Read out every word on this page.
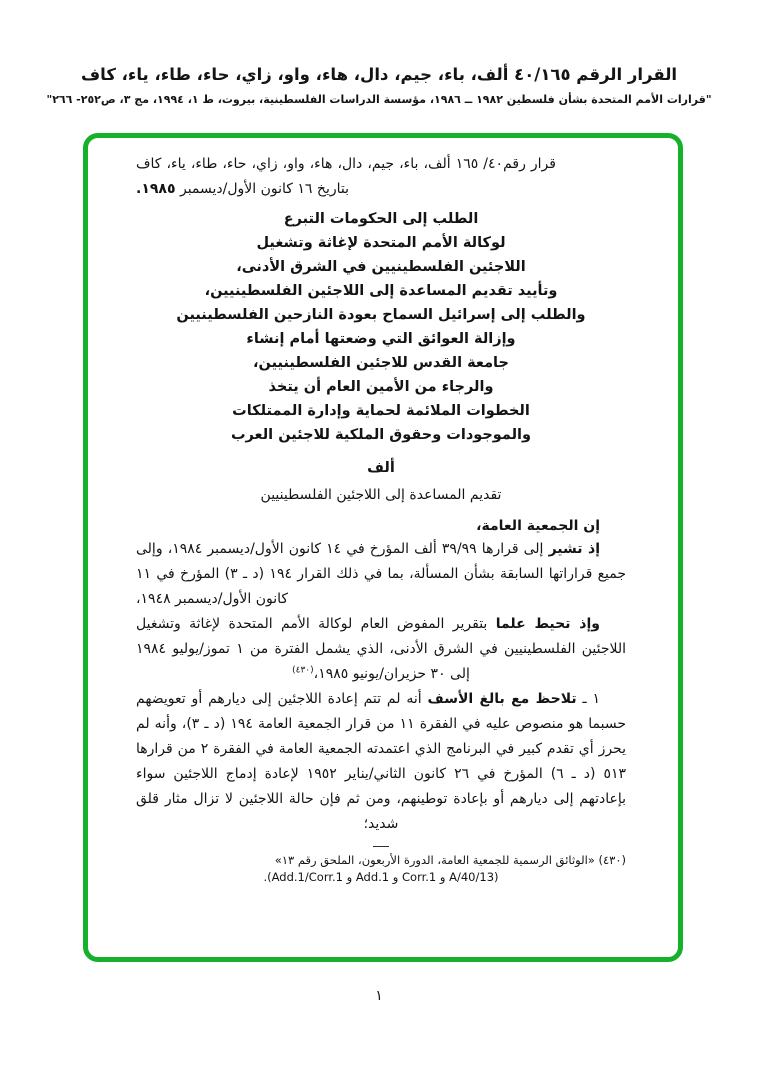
القرار الرقم ٤٠/١٦٥ ألف، باء، جيم، دال، هاء، واو، زاي، حاء، طاء، ياء، كاف
"قرارات الأمم المتحدة بشأن فلسطين ١٩٨٢ ــ ١٩٨٦، مؤسسة الدراسات الفلسطينية، بيروت، ط ١، ١٩٩٤، مج ٣، ص٢٥٢- ٢٦٦"

قرار رقم٤٠/ ١٦٥ ألف، باء، جيم، دال، هاء، واو، زاي، حاء، طاء، ياء، كاف بتاريخ ١٦ كانون الأول/ديسمبر ١٩٨٥.

الطلب إلى الحكومات التبرع
لوكالة الأمم المتحدة لإغاثة وتشغيل
اللاجئين الفلسطينيين في الشرق الأدنى،
وتأييد تقديم المساعدة إلى اللاجئين الفلسطينيين،
والطلب إلى إسرائيل السماح بعودة النازحين الفلسطينيين
وإزالة العوائق التي وضعتها أمام إنشاء
جامعة القدس للاجئين الفلسطينيين،
والرجاء من الأمين العام أن يتخذ
الخطوات الملائمة لحماية وإدارة الممتلكات
والموجودات وحقوق الملكية للاجئين العرب
ألف
تقديم المساعدة إلى اللاجئين الفلسطينيين
إن الجمعية العامة،

إذ تشير إلى قرارها ٣٩/٩٩ ألف المؤرخ في ١٤ كانون الأول/ديسمبر ١٩٨٤، وإلى جميع قراراتها السابقة بشأن المسألة، بما في ذلك القرار ١٩٤ (د ـ ٣) المؤرخ في ١١ كانون الأول/ديسمبر ١٩٤٨،

وإذ تحيط علما بتقرير المفوض العام لوكالة الأمم المتحدة لإغاثة وتشغيل اللاجئين الفلسطينيين في الشرق الأدنى، الذي يشمل الفترة من ١ تموز/يوليو ١٩٨٤ إلى ٣٠ حزيران/يونيو ١٩٨٥،$^{(٤٣٠)}$

١ ـ تلاحظ مع بالغ الأسف أنه لم تتم إعادة اللاجئين إلى ديارهم أو تعويضهم حسبما هو منصوص عليه في الفقرة ١١ من قرار الجمعية العامة ١٩٤ (د ـ ٣)، وأنه لم يحرز أي تقدم كبير في البرنامج الذي اعتمدته الجمعية العامة في الفقرة ٢ من قرارها ٥١٣ (د ـ ٦) المؤرخ في ٢٦ كانون الثاني/يناير ١٩٥٢ لإعادة إدماج اللاجئين سواء بإعادتهم إلى ديارهم أو بإعادة توطينهم، ومن ثم فإن حالة اللاجئين لا تزال مثار قلق شديد؛

(٤٣٠) «الوثائق الرسمية للجمعية العامة، الدورة الأربعون، الملحق رقم ١٣»
(A/40/13 و Corr.1 و Add.1 و Add.1/Corr.1).
١
